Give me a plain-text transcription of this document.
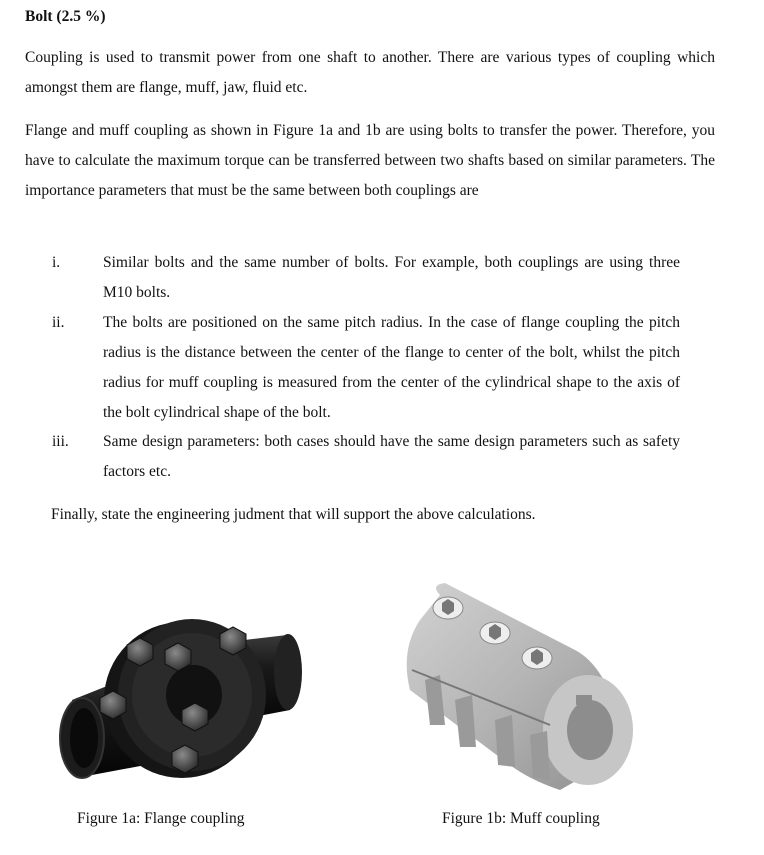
Bolt (2.5 %)

Coupling is used to transmit power from one shaft to another. There are various types of coupling which amongst them are flange, muff, jaw, fluid etc.

Flange and muff coupling as shown in Figure 1a and 1b are using bolts to transfer the power. Therefore, you have to calculate the maximum torque can be transferred between two shafts based on similar parameters. The importance parameters that must be the same between both couplings are

i.	Similar bolts and the same number of bolts. For example, both couplings are using three M10 bolts.

ii. The bolts are positioned on the same pitch radius. In the case of flange coupling the pitch radius is the distance between the center of the flange to center of the bolt, whilst the pitch radius for muff coupling is measured from the center of the cylindrical shape to the axis of the bolt cylindrical shape of the bolt.

iii. Same design parameters: both cases should have the same design parameters such as safety factors etc.

Finally, state the engineering judment that will support the above calculations.
Figure 1a: Flange coupling	Figure 1b: Muff coupling
